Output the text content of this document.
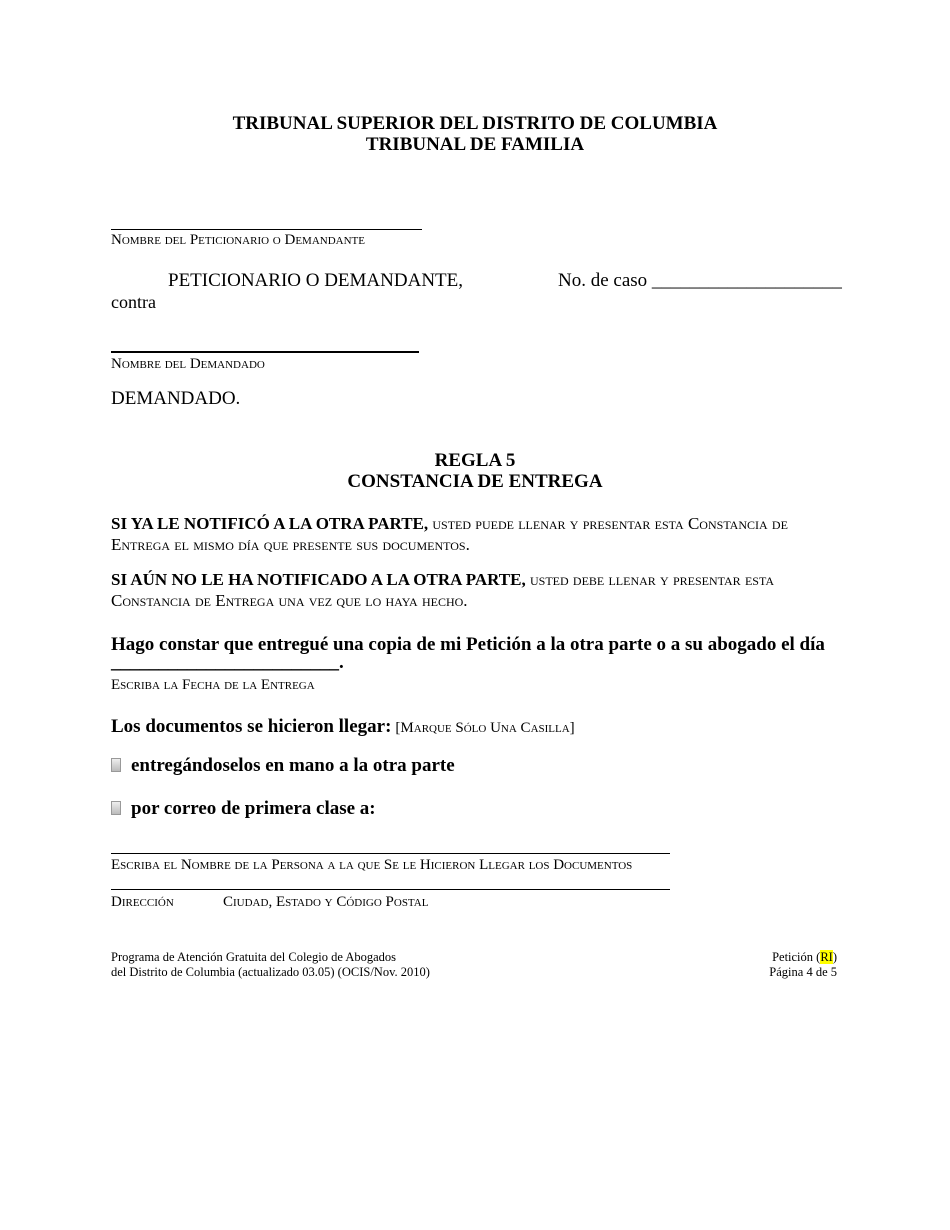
TRIBUNAL SUPERIOR DEL DISTRITO DE COLUMBIA
TRIBUNAL DE FAMILIA
Nombre del Peticionario o Demandante
PETICIONARIO O DEMANDANTE,	No. de caso ____________________
contra
Nombre del Demandado
DEMANDADO.
REGLA 5
CONSTANCIA DE ENTREGA
SI YA LE NOTIFICÓ A LA OTRA PARTE, usted puede llenar y presentar esta Constancia de
Entrega el mismo día que presente sus documentos.
SI AÚN NO LE HA NOTIFICADO A LA OTRA PARTE, usted debe llenar y presentar esta
Constancia de Entrega una vez que lo haya hecho.
Hago constar que entregué una copia de mi Petición a la otra parte o a su abogado el día
________________________.
Escriba la Fecha de la Entrega
Los documentos se hicieron llegar: [Marque Sólo Una Casilla]
entregándoselos en mano a la otra parte
por correo de primera clase a:
Escriba el Nombre de la Persona a la que Se le Hicieron Llegar los Documentos
Dirección	Ciudad, Estado y Código Postal
Programa de Atención Gratuita del Colegio de Abogados
del Distrito de Columbia (actualizado 03.05) (OCIS/Nov. 2010)
Petición (RI)
Página 4 de 5
